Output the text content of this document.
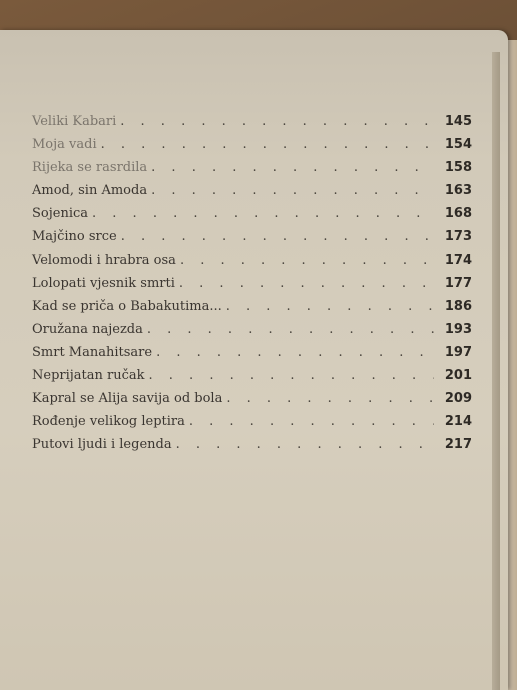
Veliki Kabari . . .	145
Moja vadi . . .	154
Rijeka se rasrdila . . .	158
Amod, sin Amoda . . .	163
Sojenica . . .	168
Majčino srce . . .	173
Velomodi i hrabra osa . . .	174
Lolopati vjesnik smrti . . .	177
Kad se priča o Babakutima... . . .	186
Oružana najezda . . .	193
Smrt Manahitsare . . .	197
Neprijatan ručak . . .	201
Kapral se Alija savija od bola . . .	209
Rođenje velikog leptira . . .	214
Putovi ljudi i legenda . . .	217
